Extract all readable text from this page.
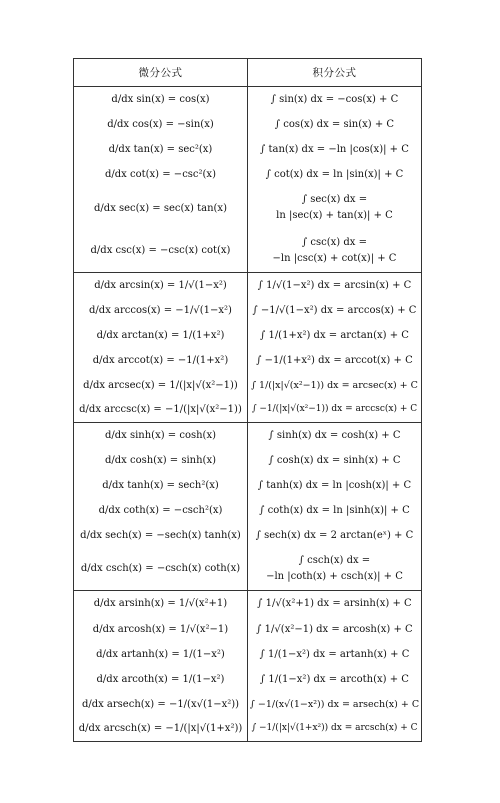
微分公式	积分公式
d/dx sin(x) = cos(x)	∫ sin(x) dx = −cos(x) + C
d/dx cos(x) = −sin(x)	∫ cos(x) dx = sin(x) + C
d/dx tan(x) = sec²(x)	∫ tan(x) dx = −ln |cos(x)| + C
d/dx cot(x) = −csc²(x)	∫ cot(x) dx = ln |sin(x)| + C
d/dx sec(x) = sec(x) tan(x)	∫ sec(x) dx =
ln |sec(x) + tan(x)| + C

d/dx csc(x) = −csc(x) cot(x)	∫ csc(x) dx =
−ln |csc(x) + cot(x)| + C

d/dx arcsin(x) = 1/√(1−x²)	∫ 1/√(1−x²) dx = arcsin(x) + C
d/dx arccos(x) = −1/√(1−x²)	∫ −1/√(1−x²) dx = arccos(x) + C
d/dx arctan(x) = 1/(1+x²)	∫ 1/(1+x²) dx = arctan(x) + C
d/dx arccot(x) = −1/(1+x²)	∫ −1/(1+x²) dx = arccot(x) + C
d/dx arcsec(x) = 1/(|x|√(x²−1))	∫ 1/(|x|√(x²−1)) dx = arcsec(x) + C
d/dx arccsc(x) = −1/(|x|√(x²−1))	∫ −1/(|x|√(x²−1)) dx = arccsc(x) + C
d/dx sinh(x) = cosh(x)	∫ sinh(x) dx = cosh(x) + C
d/dx cosh(x) = sinh(x)	∫ cosh(x) dx = sinh(x) + C
d/dx tanh(x) = sech²(x)	∫ tanh(x) dx = ln |cosh(x)| + C
d/dx coth(x) = −csch²(x)	∫ coth(x) dx = ln |sinh(x)| + C
d/dx sech(x) = −sech(x) tanh(x)	∫ sech(x) dx = 2 arctan(eˣ) + C
d/dx csch(x) = −csch(x) coth(x)	∫ csch(x) dx =
−ln |coth(x) + csch(x)| + C

d/dx arsinh(x) = 1/√(x²+1)	∫ 1/√(x²+1) dx = arsinh(x) + C
d/dx arcosh(x) = 1/√(x²−1)	∫ 1/√(x²−1) dx = arcosh(x) + C
d/dx artanh(x) = 1/(1−x²)	∫ 1/(1−x²) dx = artanh(x) + C
d/dx arcoth(x) = 1/(1−x²)	∫ 1/(1−x²) dx = arcoth(x) + C
d/dx arsech(x) = −1/(x√(1−x²))	∫ −1/(x√(1−x²)) dx = arsech(x) + C
d/dx arcsch(x) = −1/(|x|√(1+x²))	∫ −1/(|x|√(1+x²)) dx = arcsch(x) + C
